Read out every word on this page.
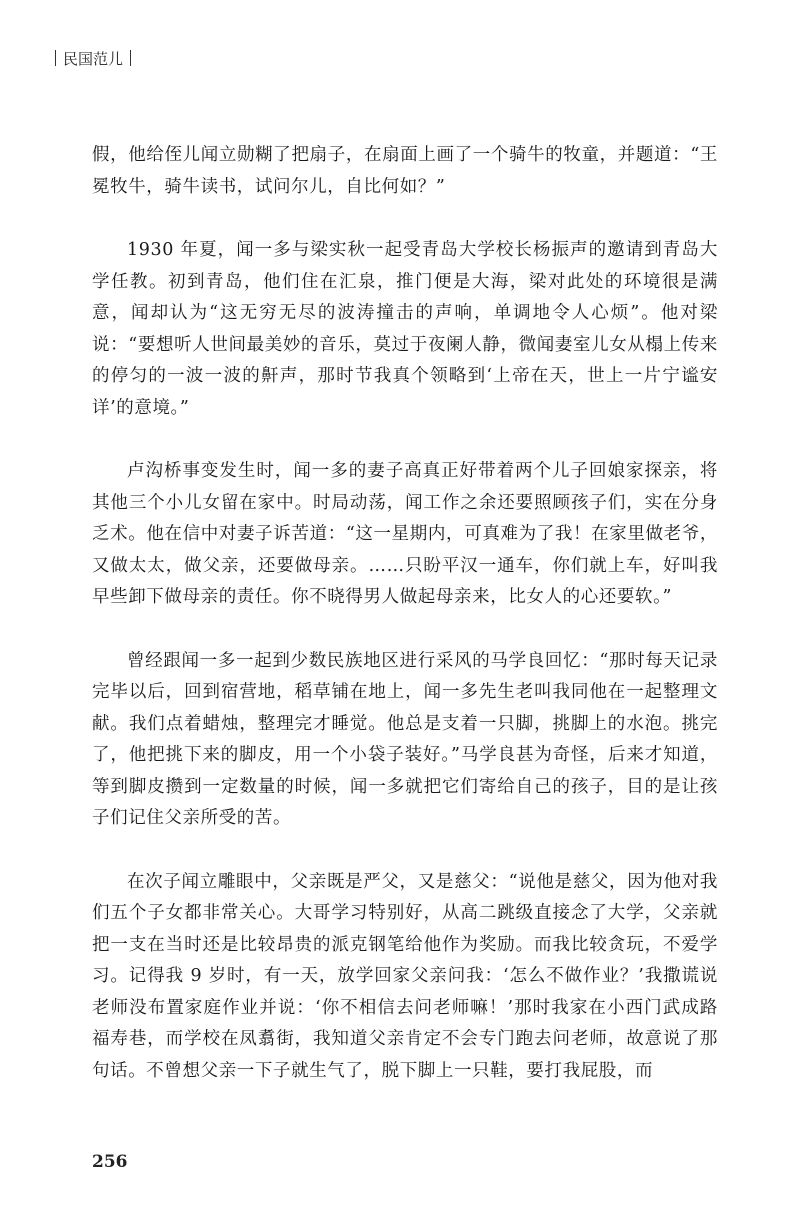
民国范儿

假，他给侄儿闻立勋糊了把扇子，在扇面上画了一个骑牛的牧童，并题道：“王冕牧牛，骑牛读书，试问尔儿，自比何如？”

1930 年夏，闻一多与梁实秋一起受青岛大学校长杨振声的邀请到青岛大学任教。初到青岛，他们住在汇泉，推门便是大海，梁对此处的环境很是满意，闻却认为“这无穷无尽的波涛撞击的声响，单调地令人心烦”。他对梁说：“要想听人世间最美妙的音乐，莫过于夜阑人静，微闻妻室儿女从榻上传来的停匀的一波一波的鼾声，那时节我真个领略到‘上帝在天，世上一片宁谧安详’的意境。”

卢沟桥事变发生时，闻一多的妻子高真正好带着两个儿子回娘家探亲，将其他三个小儿女留在家中。时局动荡，闻工作之余还要照顾孩子们，实在分身乏术。他在信中对妻子诉苦道：“这一星期内，可真难为了我！在家里做老爷，又做太太，做父亲，还要做母亲。……只盼平汉一通车，你们就上车，好叫我早些卸下做母亲的责任。你不晓得男人做起母亲来，比女人的心还要软。”

曾经跟闻一多一起到少数民族地区进行采风的马学良回忆：“那时每天记录完毕以后，回到宿营地，稻草铺在地上，闻一多先生老叫我同他在一起整理文献。我们点着蜡烛，整理完才睡觉。他总是支着一只脚，挑脚上的水泡。挑完了，他把挑下来的脚皮，用一个小袋子装好。”马学良甚为奇怪，后来才知道，等到脚皮攒到一定数量的时候，闻一多就把它们寄给自己的孩子，目的是让孩子们记住父亲所受的苦。

在次子闻立雕眼中，父亲既是严父，又是慈父：“说他是慈父，因为他对我们五个子女都非常关心。大哥学习特别好，从高二跳级直接念了大学，父亲就把一支在当时还是比较昂贵的派克钢笔给他作为奖励。而我比较贪玩，不爱学习。记得我 9 岁时，有一天，放学回家父亲问我：‘怎么不做作业？’我撒谎说老师没布置家庭作业并说：‘你不相信去问老师嘛！’那时我家在小西门武成路福寿巷，而学校在凤翥街，我知道父亲肯定不会专门跑去问老师，故意说了那句话。不曾想父亲一下子就生气了，脱下脚上一只鞋，要打我屁股，而

256
